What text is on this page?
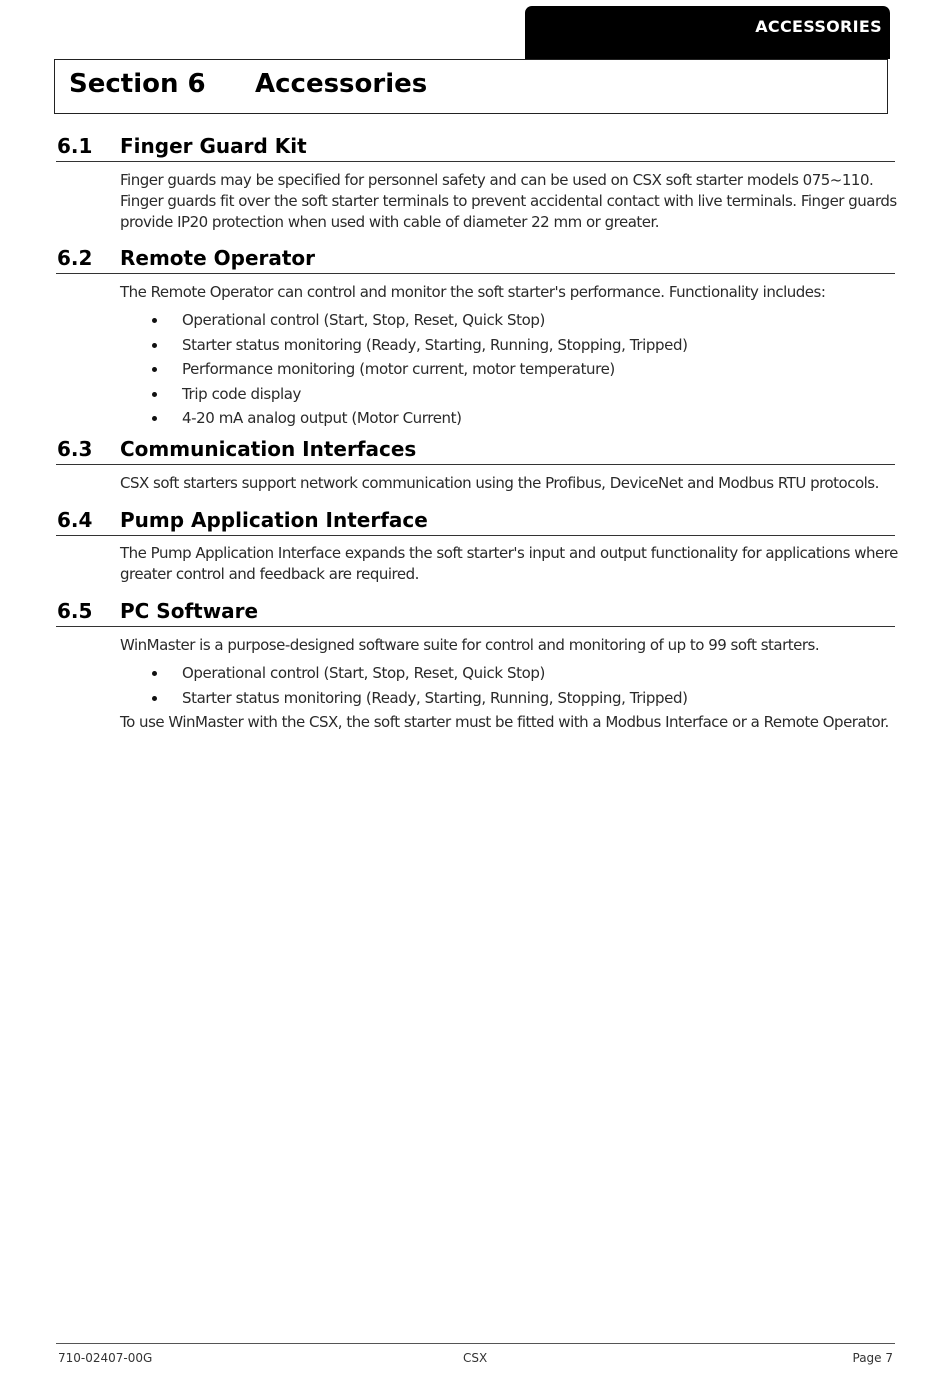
ACCESSORIES
Section 6 Accessories
6.1 Finger Guard Kit

Finger guards may be specified for personnel safety and can be used on CSX soft starter models 075~110. Finger guards fit over the soft starter terminals to prevent accidental contact with live terminals. Finger guards provide IP20 protection when used with cable of diameter 22 mm or greater.

6.2 Remote Operator

The Remote Operator can control and monitor the soft starter's performance. Functionality includes:

Operational control (Start, Stop, Reset, Quick Stop)
Starter status monitoring (Ready, Starting, Running, Stopping, Tripped)
Performance monitoring (motor current, motor temperature)
Trip code display
4-20 mA analog output (Motor Current)
6.3 Communication Interfaces

CSX soft starters support network communication using the Profibus, DeviceNet and Modbus RTU protocols.

6.4 Pump Application Interface

The Pump Application Interface expands the soft starter's input and output functionality for applications where greater control and feedback are required.

6.5 PC Software

WinMaster is a purpose-designed software suite for control and monitoring of up to 99 soft starters.

Operational control (Start, Stop, Reset, Quick Stop)
Starter status monitoring (Ready, Starting, Running, Stopping, Tripped)

To use WinMaster with the CSX, the soft starter must be fitted with a Modbus Interface or a Remote Operator.

710-02407-00G	CSX	Page 7
